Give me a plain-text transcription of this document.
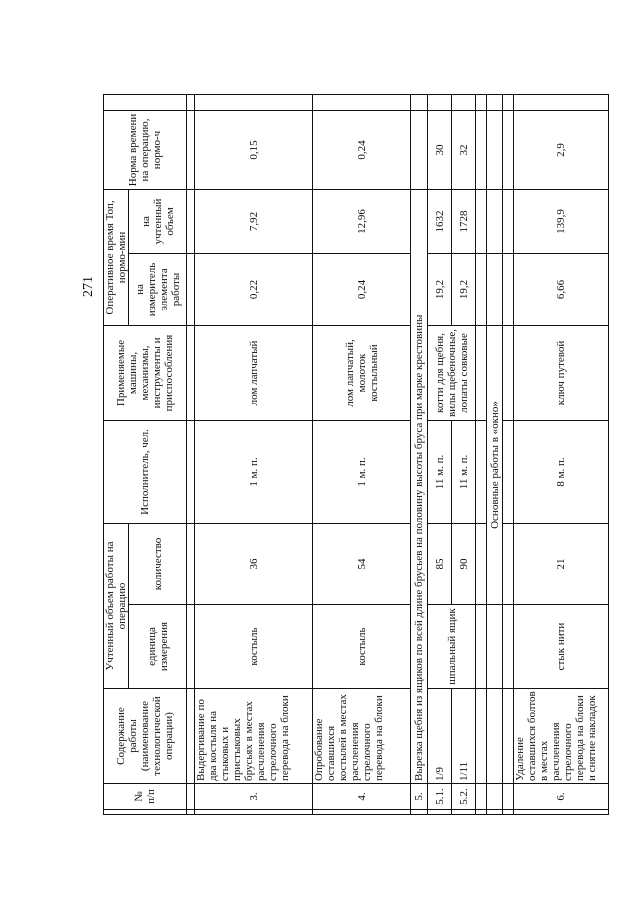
271
	№ п/п	Содержание работы (наименование технологической операции)	Учтенный объем работы на операцию		Исполнитель, чел.	Применяемые машины, механизмы, инструменты и приспособления	Оперативное время Топ, нормо-мин		Норма времени на операцию, нормо-ч	
			единица измерения	количество			на измеритель элемента работы	на учтенный объем		

	3.	Выдергивание по два костыля на стыковых и пристыковых брусьях в местах расчленения стрелочного перевода на блоки	костыль	36	1 м. п.	лом лапчатый	0,22	7,92	0,15	
	4.	Опробование оставшихся костылей в местах расчленения стрелочного перевода на блоки	костыль	54	1 м. п.	лом лапчатый, молоток костыльный	0,24	12,96	0,24	
	5.	Вырезка щебня из ящиков по всей длине брусьев на половину высоты бруса при марке крестовины								
	5.1.	1/9	шпальный ящик	85	11 м. п.	котти для щебня, вилы щебеночные, лопаты совковые	19,2	1632	30	
	5.2.	1/11		90	11 м. п.		19,2	1728	32	

				Основные работы в «окно»						

	6.	Удаление оставшихся болтов в местах расчленения стрелочного перевода на блоки и снятие накладок	стык нити	21	8 м. п.	ключ путевой	6,66	139,9	2,9	
